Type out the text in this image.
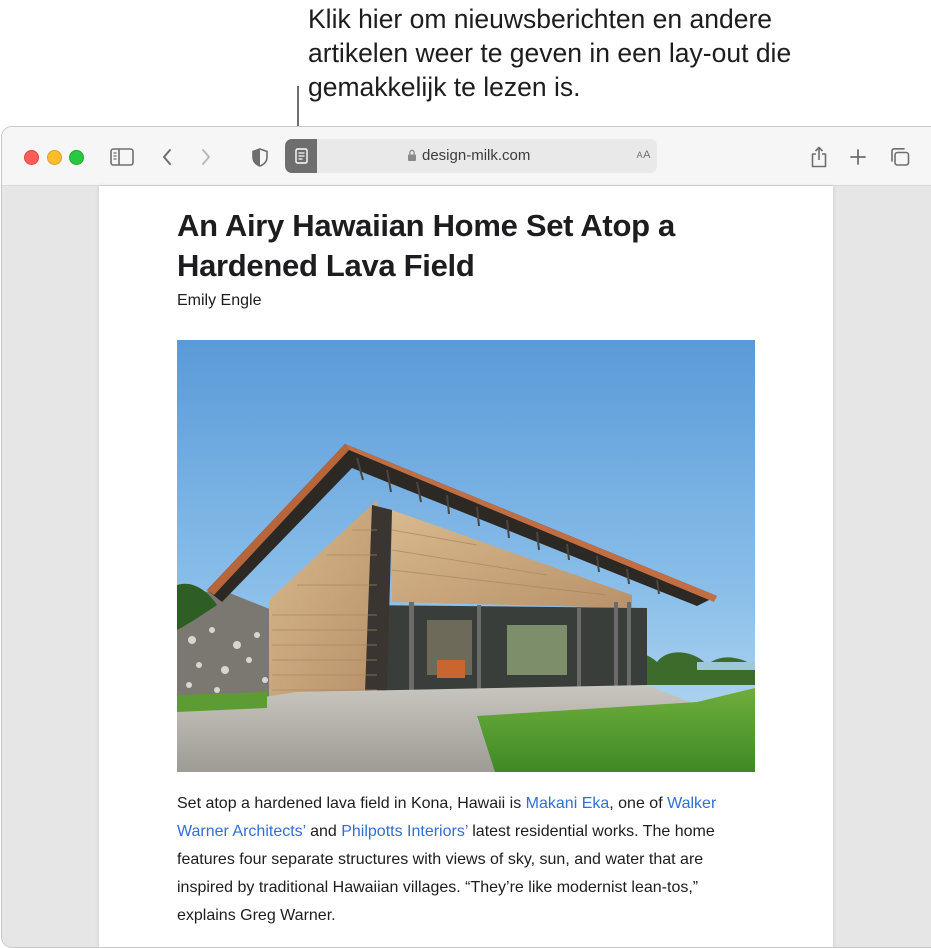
Klik hier om nieuwsberichten en andere
artikelen weer te geven in een lay-out die
gemakkelijk te lezen is.
design-milk.com	AA
An Airy Hawaiian Home Set Atop a Hardened Lava Field
Emily Engle
Set atop a hardened lava field in Kona, Hawaii is Makani Eka, one of Walker Warner Architects’ and Philpotts Interiors’ latest residential works. The home features four separate structures with views of sky, sun, and water that are inspired by traditional Hawaiian villages. “They’re like modernist lean-tos,” explains Greg Warner.
